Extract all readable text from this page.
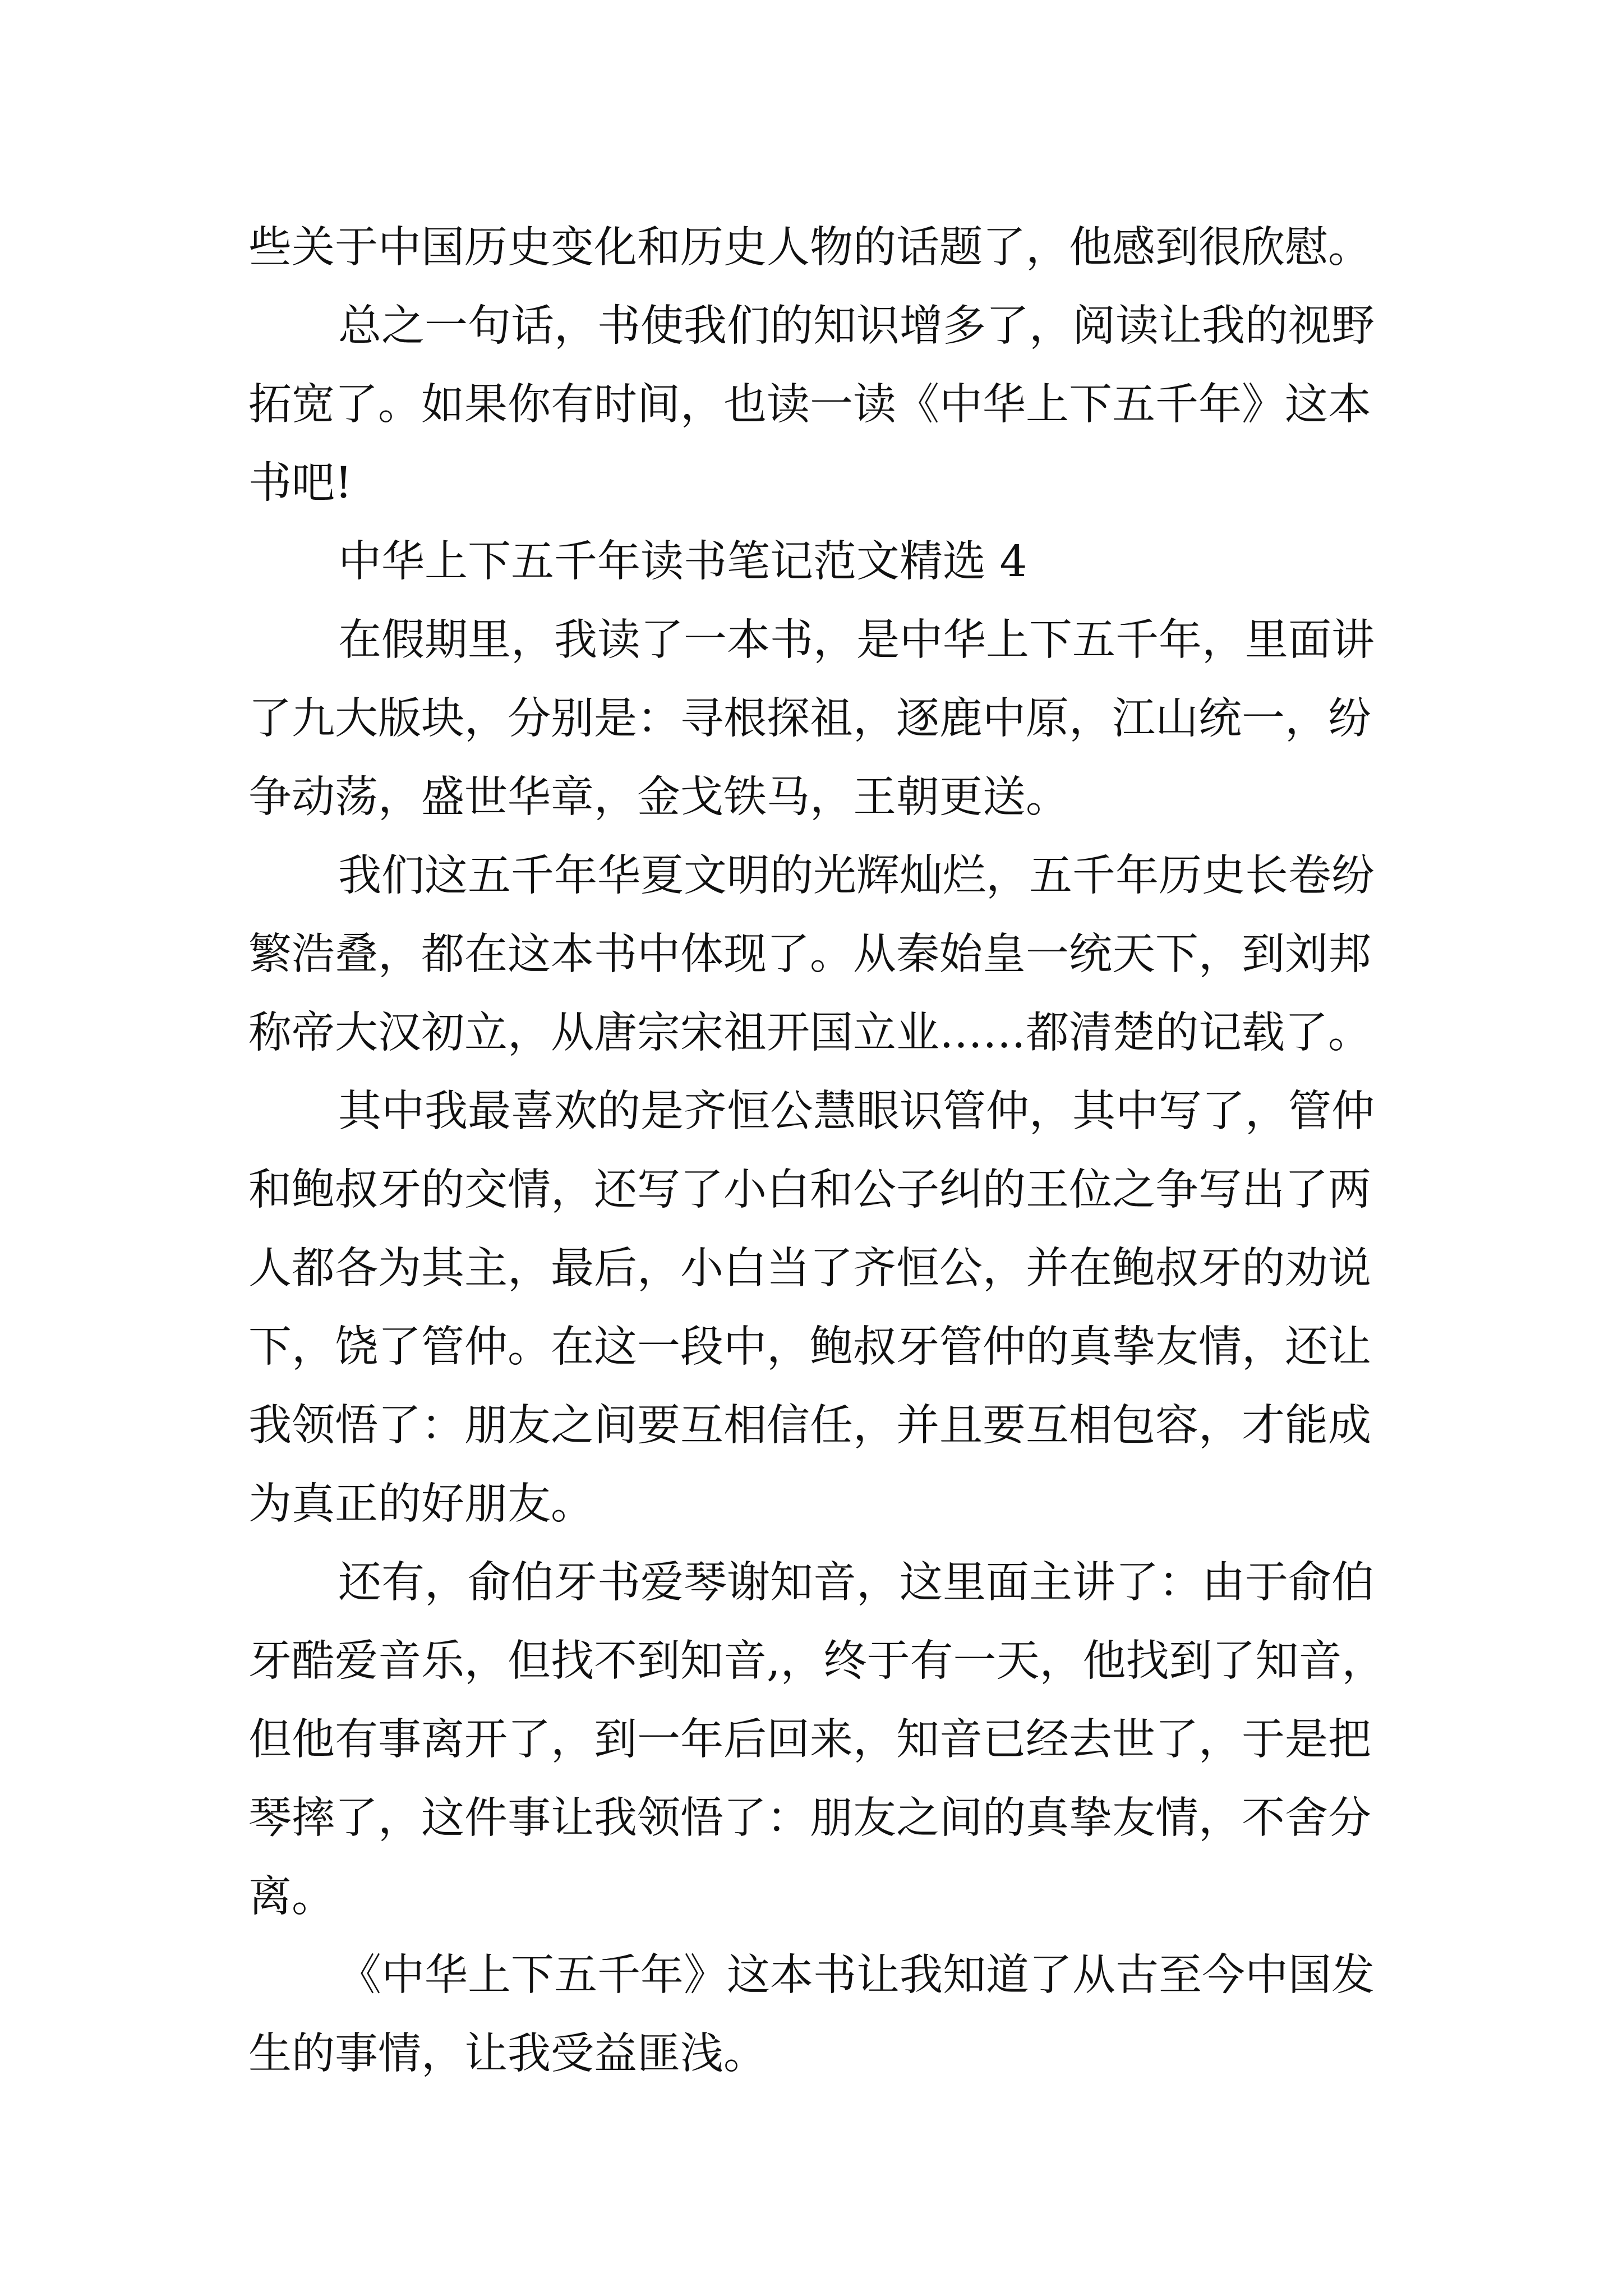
些关于中国历史变化和历史人物的话题了，他感到很欣慰。

总之一句话，书使我们的知识增多了，阅读让我的视野
拓宽了。如果你有时间，也读一读《中华上下五千年》这本
书吧!

中华上下五千年读书笔记范文精选 4

在假期里，我读了一本书，是中华上下五千年，里面讲
了九大版块，分别是：寻根探祖，逐鹿中原，江山统一，纷
争动荡，盛世华章，金戈铁马，王朝更送。

我们这五千年华夏文明的光辉灿烂，五千年历史长卷纷
繁浩叠，都在这本书中体现了。从秦始皇一统天下，到刘邦
称帝大汉初立，从唐宗宋祖开国立业……都清楚的记载了。

其中我最喜欢的是齐恒公慧眼识管仲，其中写了，管仲
和鲍叔牙的交情，还写了小白和公子纠的王位之争写出了两
人都各为其主，最后，小白当了齐恒公，并在鲍叔牙的劝说
下，饶了管仲。在这一段中，鲍叔牙管仲的真挚友情，还让
我领悟了：朋友之间要互相信任，并且要互相包容，才能成
为真正的好朋友。

还有，俞伯牙书爱琴谢知音，这里面主讲了：由于俞伯
牙酷爱音乐，但找不到知音,，终于有一天，他找到了知音，
但他有事离开了，到一年后回来，知音已经去世了，于是把
琴摔了，这件事让我领悟了：朋友之间的真挚友情，不舍分
离。

《中华上下五千年》这本书让我知道了从古至今中国发
生的事情，让我受益匪浅。
